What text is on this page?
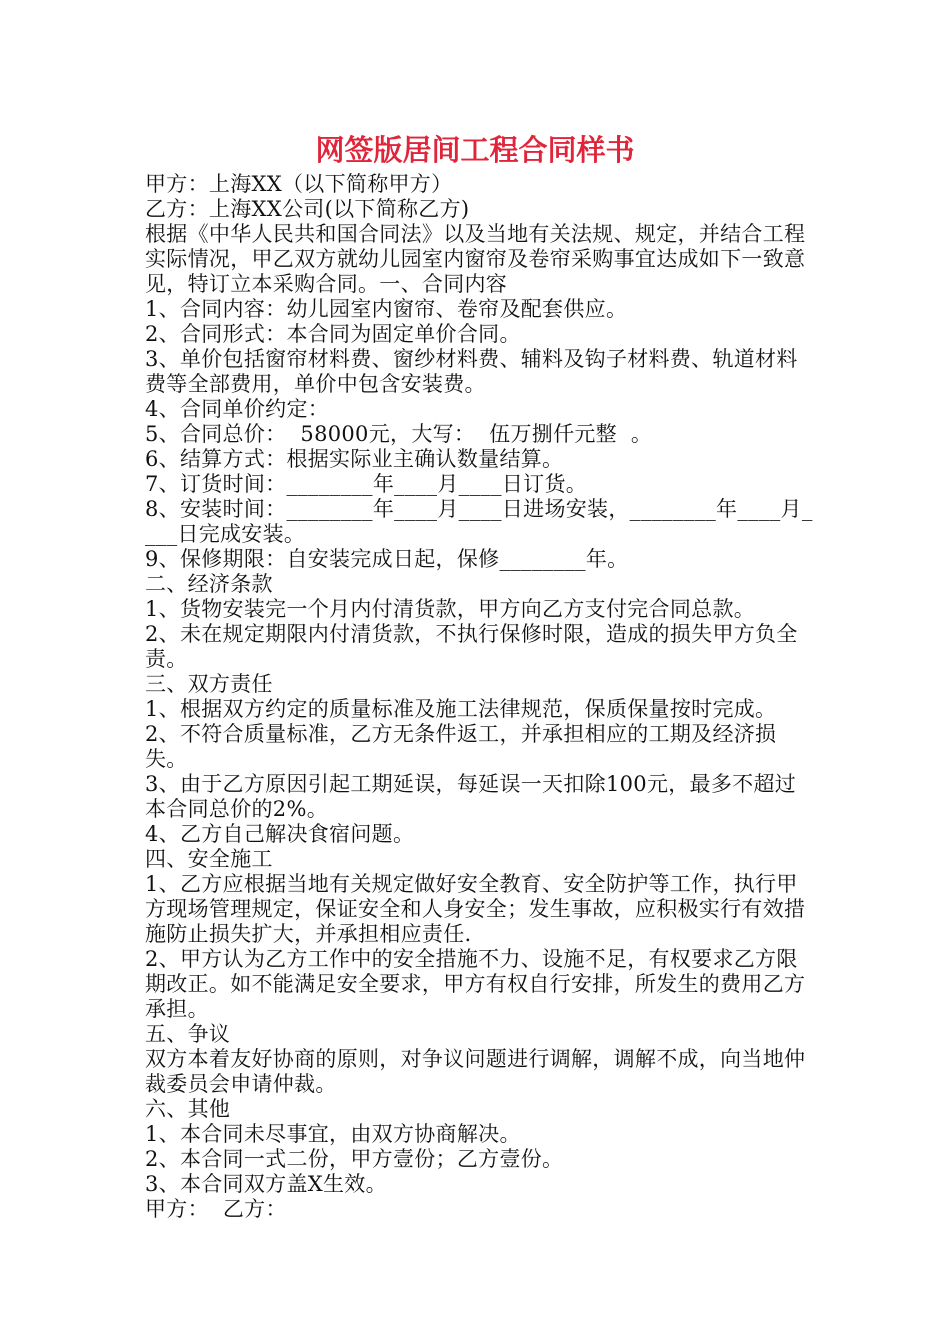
网签版居间工程合同样书

甲方：上海XX（以下简称甲方）

乙方：上海XX公司(以下简称乙方)

根据《中华人民共和国合同法》以及当地有关法规、规定，并结合工程实际情况，甲乙双方就幼儿园室内窗帘及卷帘采购事宜达成如下一致意见，特订立本采购合同。一、合同内容

1、合同内容：幼儿园室内窗帘、卷帘及配套供应。

2、合同形式：本合同为固定单价合同。

3、单价包括窗帘材料费、窗纱材料费、辅料及钩子材料费、轨道材料费等全部费用，单价中包含安装费。

4、合同单价约定：

5、合同总价：  58000元，大写：  伍万捌仟元整  。

6、结算方式：根据实际业主确认数量结算。

7、订货时间：________年____月____日订货。

8、安装时间：________年____月____日进场安装，________年____月____日完成安装。

9、保修期限：自安装完成日起，保修________年。

二、经济条款

1、货物安装完一个月内付清货款，甲方向乙方支付完合同总款。

2、未在规定期限内付清货款，不执行保修时限，造成的损失甲方负全责。

三、双方责任

1、根据双方约定的质量标准及施工法律规范，保质保量按时完成。

2、不符合质量标准，乙方无条件返工，并承担相应的工期及经济损失。

3、由于乙方原因引起工期延误，每延误一天扣除100元，最多不超过本合同总价的2%。

4、乙方自己解决食宿问题。

四、安全施工

1、乙方应根据当地有关规定做好安全教育、安全防护等工作，执行甲方现场管理规定，保证安全和人身安全；发生事故，应积极实行有效措施防止损失扩大，并承担相应责任.

2、甲方认为乙方工作中的安全措施不力、设施不足，有权要求乙方限期改正。如不能满足安全要求，甲方有权自行安排，所发生的费用乙方承担。

五、争议

双方本着友好协商的原则，对争议问题进行调解，调解不成，向当地仲裁委员会申请仲裁。

六、其他

1、本合同未尽事宜，由双方协商解决。

2、本合同一式二份，甲方壹份；乙方壹份。

3、本合同双方盖X生效。

甲方：  乙方：
